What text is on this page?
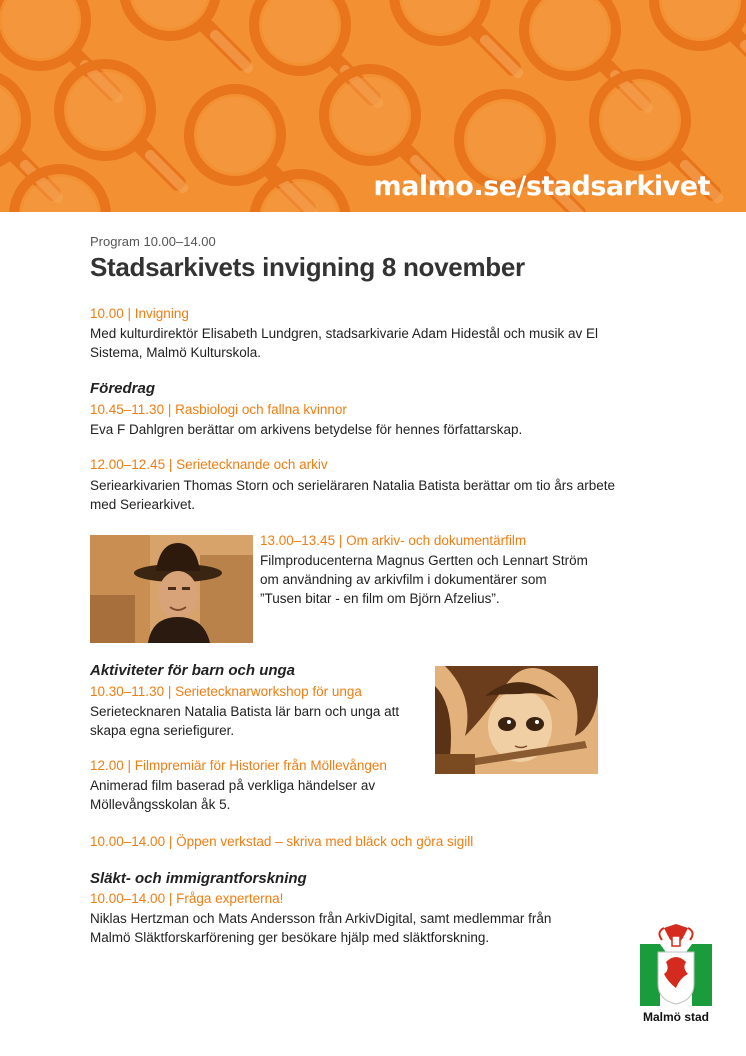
malmo.se/stadsarkivet
Program 10.00–14.00
Stadsarkivets invigning 8 november
10.00 | Invigning
Med kulturdirektör Elisabeth Lundgren, stadsarkivarie Adam Hidestål och musik av El Sistema, Malmö Kulturskola.
Föredrag
10.45–11.30 | Rasbiologi och fallna kvinnor
Eva F Dahlgren berättar om arkivens betydelse för hennes författarskap.
12.00–12.45 | Serietecknande och arkiv
Seriearkivarien Thomas Storn och serieläraren Natalia Batista berättar om tio års arbete med Seriearkivet.
13.00–13.45 | Om arkiv- och dokumentärfilm
Filmproducenterna Magnus Gertten och Lennart Ström om användning av arkivfilm i dokumentärer som ”Tusen bitar - en film om Björn Afzelius”.
Aktiviteter för barn och unga
10.30–11.30 | Serietecknarworkshop för unga
Serietecknaren Natalia Batista lär barn och unga att skapa egna seriefigurer.
12.00 | Filmpremiär för Historier från Möllevången
Animerad film baserad på verkliga händelser av Möllevångsskolan åk 5.
10.00–14.00 | Öppen verkstad – skriva med bläck och göra sigill
Släkt- och immigrantforskning
10.00–14.00 | Fråga experterna!
Niklas Hertzman och Mats Andersson från ArkivDigital, samt medlemmar från Malmö Släktforskarförening ger besökare hjälp med släktforskning.
Malmö stad
